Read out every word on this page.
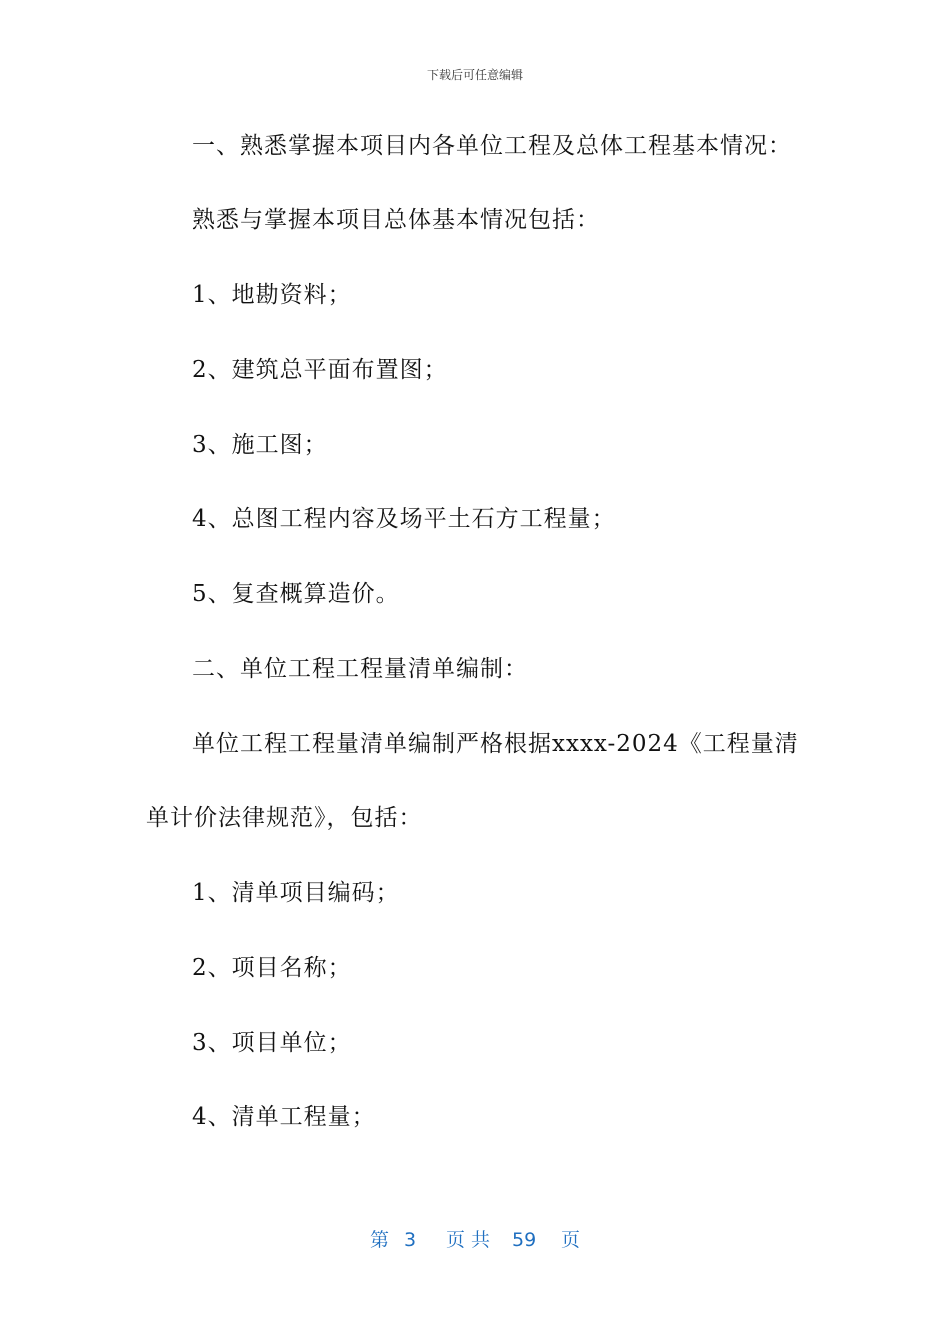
下载后可任意编辑
一、熟悉掌握本项目内各单位工程及总体工程基本情况：
熟悉与掌握本项目总体基本情况包括：
1、地勘资料；
2、建筑总平面布置图；
3、施工图；
4、总图工程内容及场平土石方工程量；
5、复查概算造价。
二、单位工程工程量清单编制：
单位工程工程量清单编制严格根据xxxx-2024《工程量清
单计价法律规范》，包括：
1、清单项目编码；
2、项目名称；
3、项目单位；
4、清单工程量；
第 3 页 共 59 页
